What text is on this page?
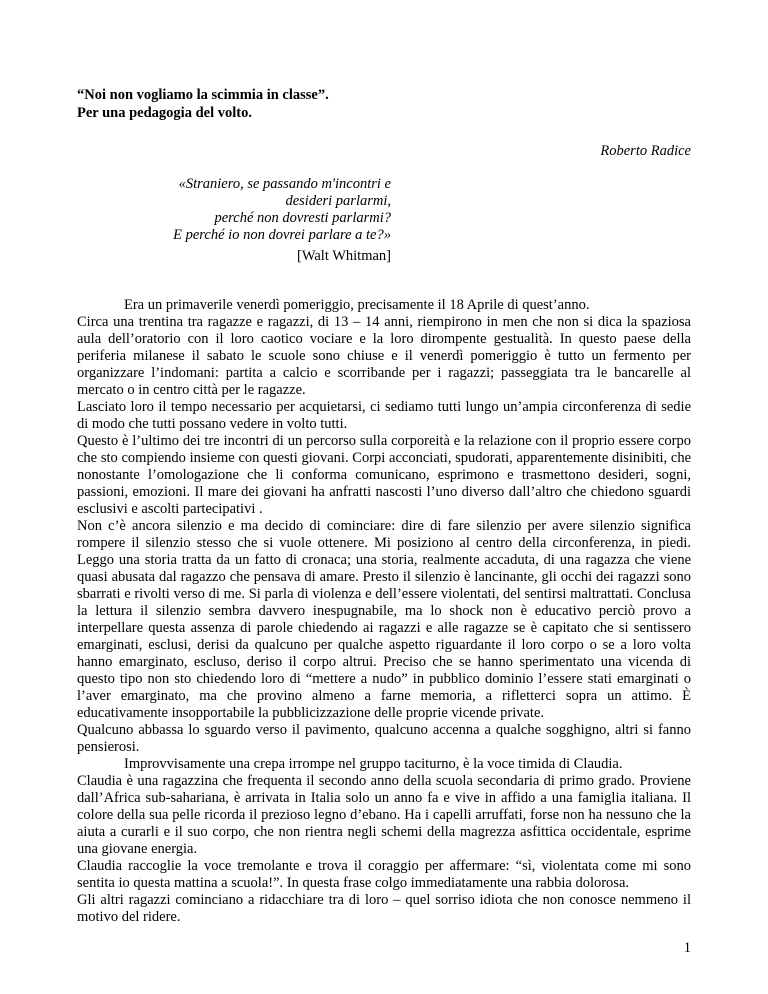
“Noi non vogliamo la scimmia in classe”.
Per una pedagogia del volto.
Roberto Radice
«Straniero, se passando m'incontri e
desideri parlarmi,
perché non dovresti parlarmi?
E perché io non dovrei parlare a te?»
[Walt Whitman]

Era un primaverile venerdì pomeriggio, precisamente il 18 Aprile di quest’anno.

Circa una trentina tra ragazze e ragazzi, di 13 – 14 anni, riempirono in men che non si dica la spaziosa aula dell’oratorio con il loro caotico vociare e la loro dirompente gestualità. In questo paese della periferia milanese il sabato le scuole sono chiuse e il venerdì pomeriggio è tutto un fermento per organizzare l’indomani: partita a calcio e scorribande per i ragazzi; passeggiata tra le bancarelle al mercato o in centro città per le ragazze.

Lasciato loro il tempo necessario per acquietarsi, ci sediamo tutti lungo un’ampia circonferenza di sedie di modo che tutti possano vedere in volto tutti.

Questo è l’ultimo dei tre incontri di un percorso sulla corporeità e la relazione con il proprio essere corpo che sto compiendo insieme con questi giovani. Corpi acconciati, spudorati, apparentemente disinibiti, che nonostante l’omologazione che li conforma comunicano, esprimono e trasmettono desideri, sogni, passioni, emozioni. Il mare dei giovani ha anfratti nascosti l’uno diverso dall’altro che chiedono sguardi esclusivi e ascolti partecipativi .

Non c’è ancora silenzio e ma decido di cominciare: dire di fare silenzio per avere silenzio significa rompere il silenzio stesso che si vuole ottenere. Mi posiziono al centro della circonferenza, in piedi. Leggo una storia tratta da un fatto di cronaca; una storia, realmente accaduta, di una ragazza che viene quasi abusata dal ragazzo che pensava di amare. Presto il silenzio è lancinante, gli occhi dei ragazzi sono sbarrati e rivolti verso di me. Si parla di violenza e dell’essere violentati, del sentirsi maltrattati. Conclusa la lettura il silenzio sembra davvero inespugnabile, ma lo shock non è educativo perciò provo a interpellare questa assenza di parole chiedendo ai ragazzi e alle ragazze se è capitato che si sentissero emarginati, esclusi, derisi da qualcuno per qualche aspetto riguardante il loro corpo o se a loro volta hanno emarginato, escluso, deriso il corpo altrui. Preciso che se hanno sperimentato una vicenda di questo tipo non sto chiedendo loro di “mettere a nudo” in pubblico dominio l’essere stati emarginati o l’aver emarginato, ma che provino almeno a farne memoria, a rifletterci sopra un attimo. È educativamente insopportabile la pubblicizzazione delle proprie vicende private.

Qualcuno abbassa lo sguardo verso il pavimento, qualcuno accenna a qualche sogghigno, altri si fanno pensierosi.

Improvvisamente una crepa irrompe nel gruppo taciturno, è la voce timida di Claudia.

Claudia è una ragazzina che frequenta il secondo anno della scuola secondaria di primo grado. Proviene dall’Africa sub-sahariana, è arrivata in Italia solo un anno fa e vive in affido a una famiglia italiana. Il colore della sua pelle ricorda il prezioso legno d’ebano. Ha i capelli arruffati, forse non ha nessuno che la aiuta a curarli e il suo corpo, che non rientra negli schemi della magrezza asfittica occidentale, esprime una giovane energia.

Claudia raccoglie la voce tremolante e trova il coraggio per affermare: “sì, violentata come mi sono sentita io questa mattina a scuola!”. In questa frase colgo immediatamente una rabbia dolorosa.

Gli altri ragazzi cominciano a ridacchiare tra di loro – quel sorriso idiota che non conosce nemmeno il motivo del ridere.

1
